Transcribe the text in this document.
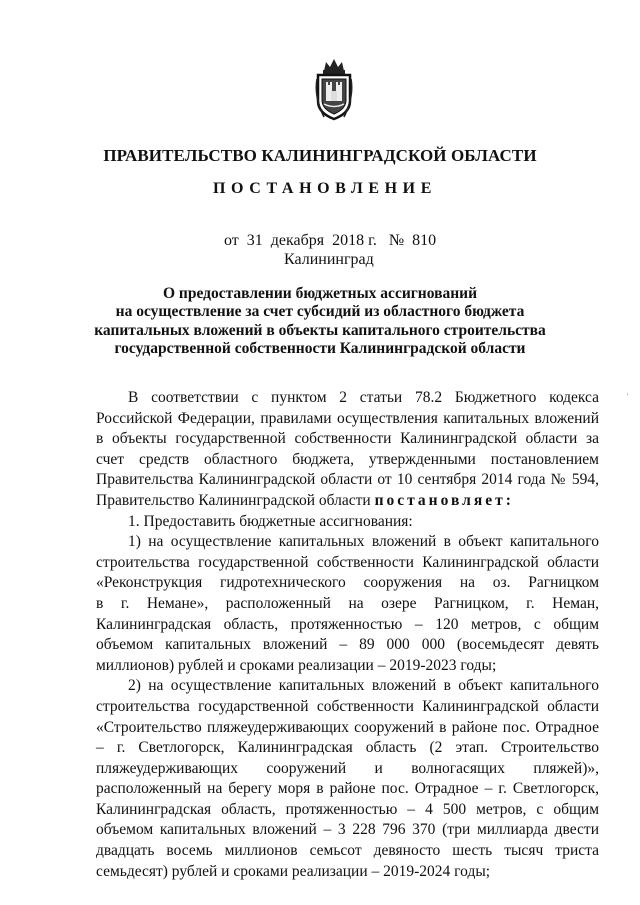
ПРАВИТЕЛЬСТВО КАЛИНИНГРАДСКОЙ ОБЛАСТИ
ПОСТАНОВЛЕНИЕ
от  31  декабря  2018 г.   №  810
Калининград
О предоставлении бюджетных ассигнований
на осуществление за счет субсидий из областного бюджета
капитальных вложений в объекты капитального строительства
государственной собственности Калининградской области
'
В соответствии с пунктом 2 статьи 78.2 Бюджетного кодекса
Российской Федерации, правилами осуществления капитальных вложений
в объекты государственной собственности Калининградской области за
счет средств областного бюджета, утвержденными постановлением
Правительства Калининградской области от 10 сентября 2014 года № 594,
Правительство Калининградской области постановляет:
1. Предоставить бюджетные ассигнования:
1) на осуществление капитальных вложений в объект капитального
строительства государственной собственности Калининградской области
«Реконструкция гидротехнического сооружения на оз. Рагницком
в г. Немане», расположенный на озере Рагницком, г. Неман,
Калининградская область, протяженностью – 120 метров, с общим
объемом капитальных вложений – 89 000 000 (восемьдесят девять
миллионов) рублей и сроками реализации – 2019-2023 годы;
2) на осуществление капитальных вложений в объект капитального
строительства государственной собственности Калининградской области
«Строительство пляжеудерживающих сооружений в районе пос. Отрадное
– г. Светлогорск, Калининградская область (2 этап. Строительство
пляжеудерживающих сооружений и волногасящих пляжей)»,
расположенный на берегу моря в районе пос. Отрадное – г. Светлогорск,
Калининградская область, протяженностью – 4 500 метров, с общим
объемом капитальных вложений – 3 228 796 370 (три миллиарда двести
двадцать восемь миллионов семьсот девяносто шесть тысяч триста
семьдесят) рублей и сроками реализации – 2019-2024 годы;
